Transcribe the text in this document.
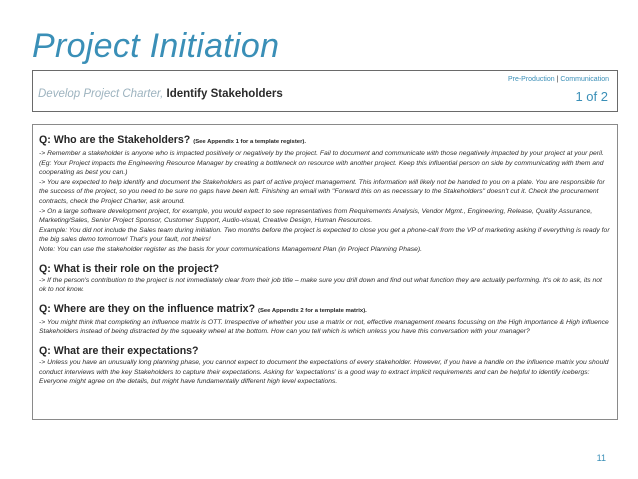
Project Initiation
Pre-Production | Communication
Develop Project Charter, Identify Stakeholders	1 of 2
Q: Who are the Stakeholders? (See Appendix 1 for a template register).

-> Remember a stakeholder is anyone who is impacted positively or negatively by the project. Fail to document and communicate with those negatively impacted by your project at your peril. (Eg: Your Project impacts the Engineering Resource Manager by creating a bottleneck on resource with another project. Keep this influential person on side by communicating with them and cooperating as best you can.)

-> You are expected to help identify and document the Stakeholders as part of active project management. This information will likely not be handed to you on a plate. You are responsible for the success of the project, so you need to be sure no gaps have been left. Finishing an email with "Forward this on as necessary to the Stakeholders" doesn't cut it. Check the procurement contracts, check the Project Charter, ask around.

-> On a large software development project, for example, you would expect to see representatives from Requirements Analysis, Vendor Mgmt., Engineering, Release, Quality Assurance, Marketing/Sales, Senior Project Sponsor, Customer Support, Audio-visual, Creative Design, Human Resources.

Example: You did not include the Sales team during initiation. Two months before the project is expected to close you get a phone-call from the VP of marketing asking if everything is ready for the big sales demo tomorrow! That's your fault, not theirs!

Note: You can use the stakeholder register as the basis for your communications Management Plan (in Project Planning Phase).

Q: What is their role on the project?

-> If the person's contribution to the project is not immediately clear from their job title – make sure you drill down and find out what function they are actually performing. It's ok to ask, its not ok to not know.

Q: Where are they on the influence matrix? (See Appendix 2 for a template matrix).

-> You might think that completing an influence matrix is OTT. Irrespective of whether you use a matrix or not, effective management means focussing on the High importance & High influence Stakeholders instead of being distracted by the squeaky wheel at the bottom. How can you tell which is which unless you have this conversation with your manager?

Q: What are their expectations?

-> Unless you have an unusually long planning phase, you cannot expect to document the expectations of every stakeholder. However, if you have a handle on the influence matrix you should conduct interviews with the key Stakeholders to capture their expectations. Asking for 'expectations' is a good way to extract implicit requirements and can be helpful to identify icebergs: Everyone might agree on the details, but might have fundamentally different high level expectations.

11
